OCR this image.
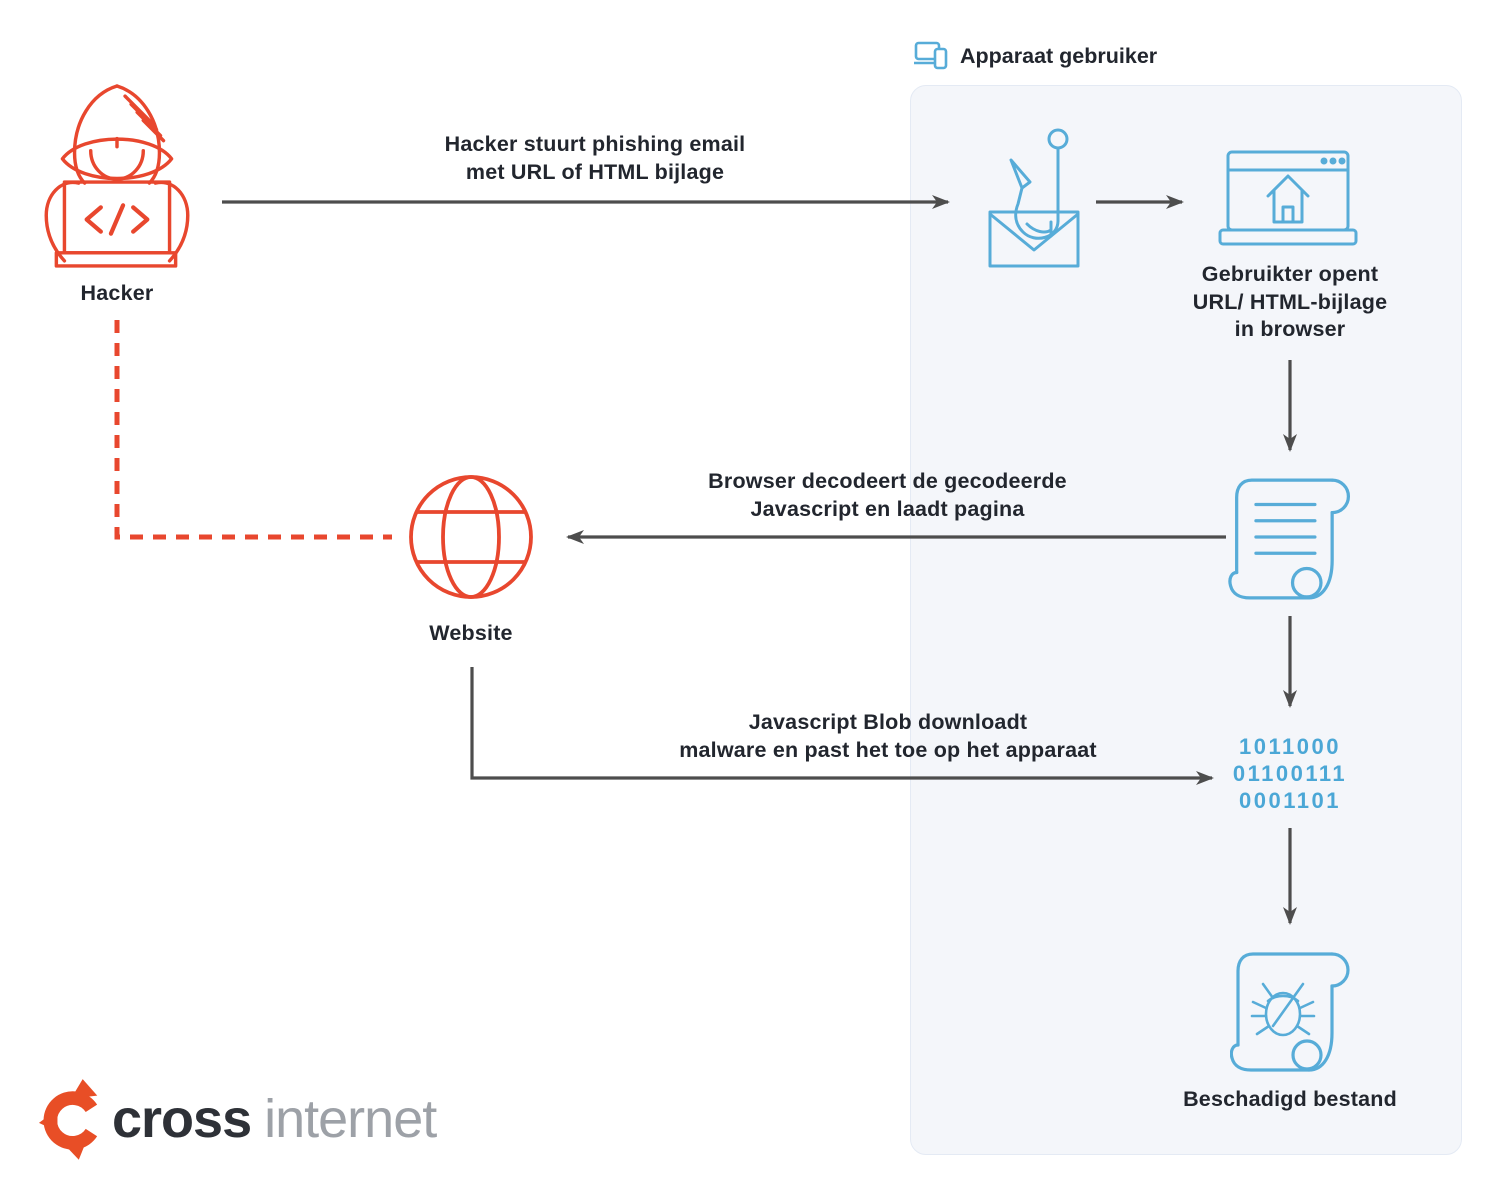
Apparaat gebruiker
Hacker
Hacker stuurt phishing email
met URL of HTML bijlage
Gebruikter opent
URL/ HTML-bijlage
in browser
Browser decodeert de gecodeerde
Javascript en laadt pagina
Website
Javascript Blob downloadt
malware en past het toe op het apparaat	1011000
01100111
0001101
Beschadigd bestand
cross internet
